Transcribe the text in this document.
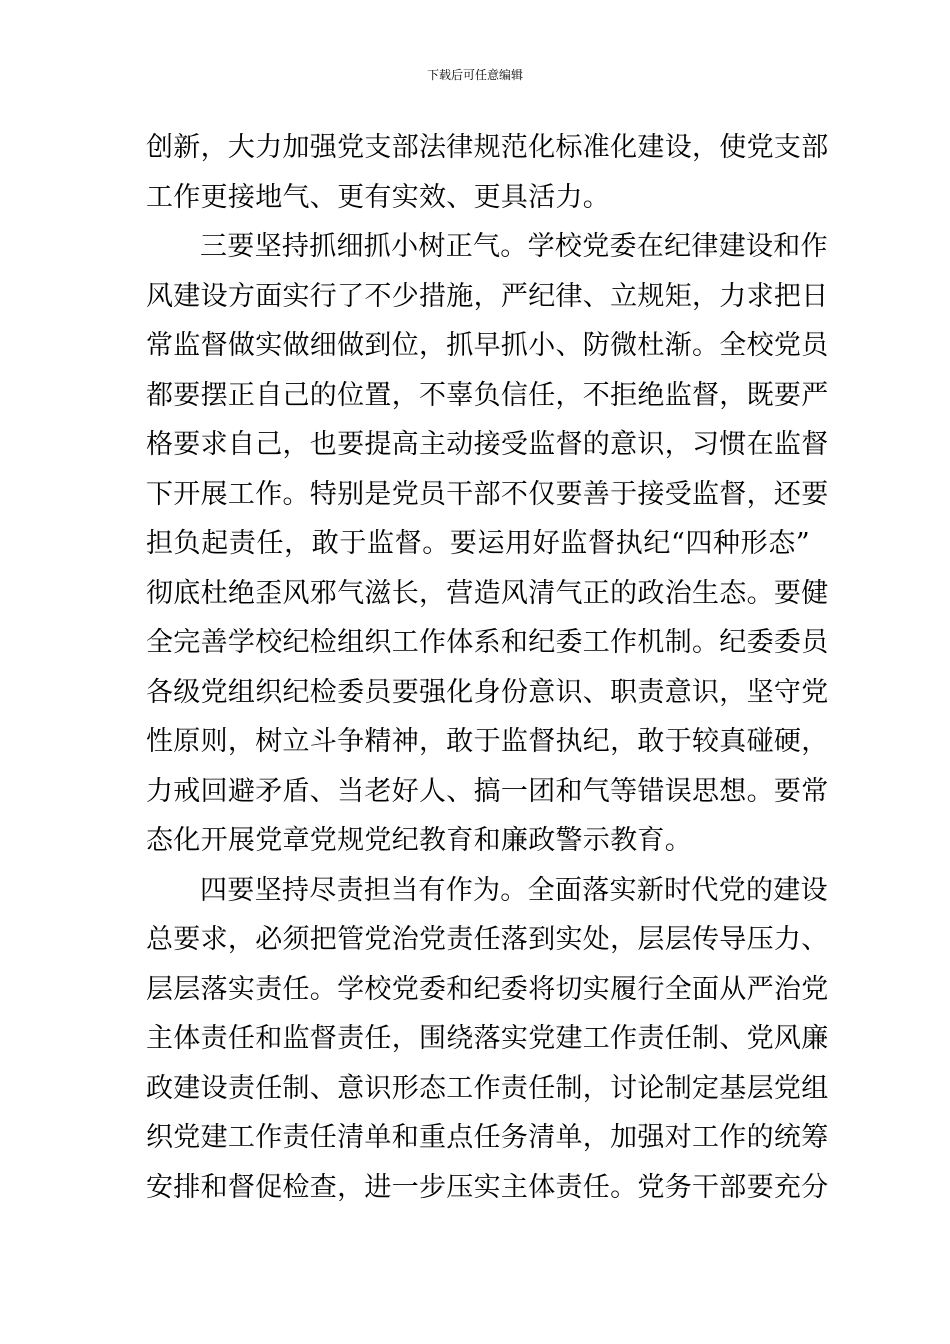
下载后可任意编辑
创新，大力加强党支部法律规范化标准化建设，使党支部
工作更接地气、更有实效、更具活力。
三要坚持抓细抓小树正气。学校党委在纪律建设和作
风建设方面实行了不少措施，严纪律、立规矩，力求把日
常监督做实做细做到位，抓早抓小、防微杜渐。全校党员
都要摆正自己的位置，不辜负信任，不拒绝监督，既要严
格要求自己，也要提高主动接受监督的意识，习惯在监督
下开展工作。特别是党员干部不仅要善于接受监督，还要
担负起责任，敢于监督。要运用好监督执纪“四种形态”
彻底杜绝歪风邪气滋长，营造风清气正的政治生态。要健
全完善学校纪检组织工作体系和纪委工作机制。纪委委员
各级党组织纪检委员要强化身份意识、职责意识，坚守党
性原则，树立斗争精神，敢于监督执纪，敢于较真碰硬，
力戒回避矛盾、当老好人、搞一团和气等错误思想。要常
态化开展党章党规党纪教育和廉政警示教育。
四要坚持尽责担当有作为。全面落实新时代党的建设
总要求，必须把管党治党责任落到实处，层层传导压力、
层层落实责任。学校党委和纪委将切实履行全面从严治党
主体责任和监督责任，围绕落实党建工作责任制、党风廉
政建设责任制、意识形态工作责任制，讨论制定基层党组
织党建工作责任清单和重点任务清单，加强对工作的统筹
安排和督促检查，进一步压实主体责任。党务干部要充分
